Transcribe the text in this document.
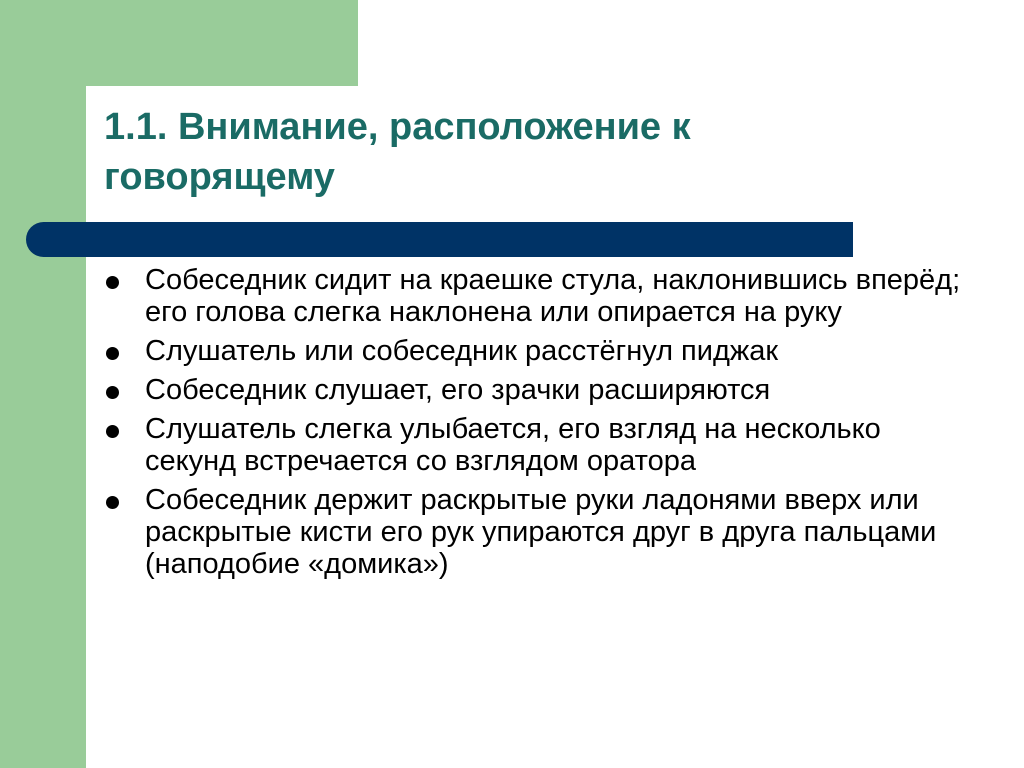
1.1. Внимание, расположение к говорящему
Собеседник сидит на краешке стула, наклонившись вперёд; его голова слегка наклонена или опирается на руку
Слушатель или собеседник расстёгнул пиджак
Собеседник слушает, его зрачки расширяются
Слушатель слегка улыбается, его взгляд на несколько секунд встречается со взглядом оратора
Собеседник держит раскрытые руки ладонями вверх или раскрытые кисти его рук упираются друг в друга пальцами (наподобие «домика»)
